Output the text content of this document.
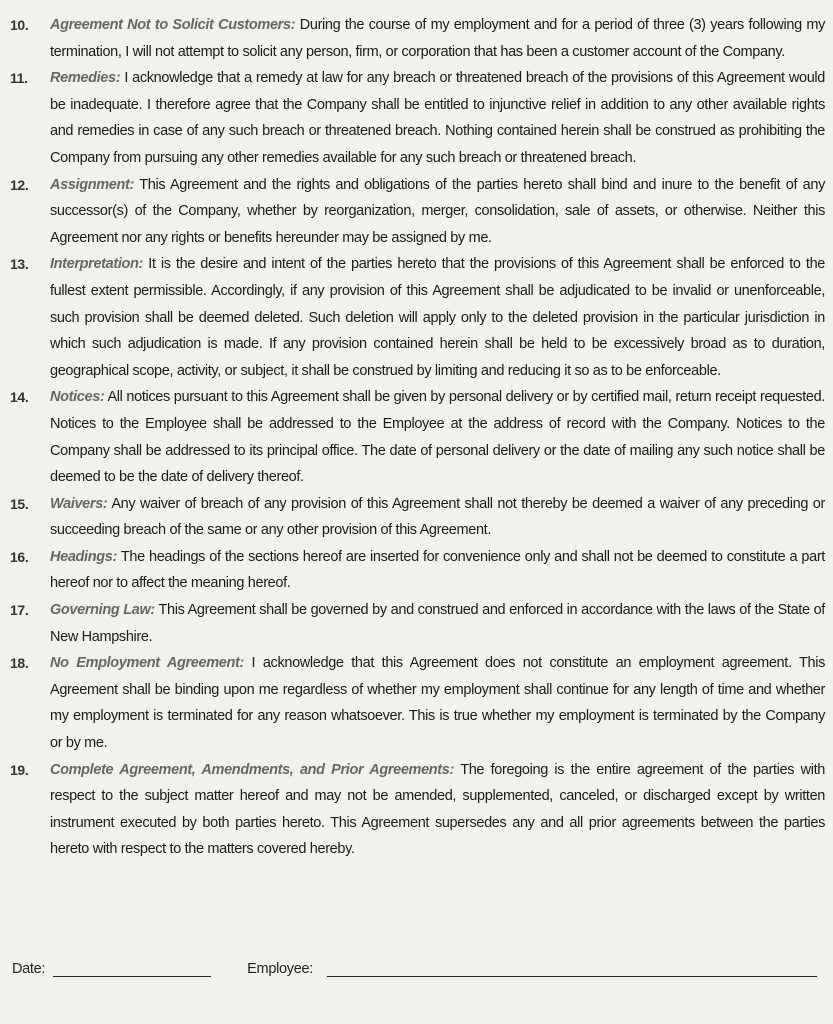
10.	Agreement Not to Solicit Customers: During the course of my employment and for a period of three (3) years following my termination, I will not attempt to solicit any person, firm, or corporation that has been a customer account of the Company.
11.	Remedies: I acknowledge that a remedy at law for any breach or threatened breach of the provisions of this Agreement would be inadequate. I therefore agree that the Company shall be entitled to injunctive relief in addition to any other available rights and remedies in case of any such breach or threatened breach. Nothing contained herein shall be construed as prohibiting the Company from pursuing any other remedies available for any such breach or threatened breach.
12.	Assignment: This Agreement and the rights and obligations of the parties hereto shall bind and inure to the benefit of any successor(s) of the Company, whether by reorganization, merger, consolidation, sale of assets, or otherwise. Neither this Agreement nor any rights or benefits hereunder may be assigned by me.
13.	Interpretation: It is the desire and intent of the parties hereto that the provisions of this Agreement shall be enforced to the fullest extent permissible. Accordingly, if any provision of this Agreement shall be adjudicated to be invalid or unenforceable, such provision shall be deemed deleted. Such deletion will apply only to the deleted provision in the particular jurisdiction in which such adjudication is made. If any provision contained herein shall be held to be excessively broad as to duration, geographical scope, activity, or subject, it shall be construed by limiting and reducing it so as to be enforceable.
14.	Notices: All notices pursuant to this Agreement shall be given by personal delivery or by certified mail, return receipt requested. Notices to the Employee shall be addressed to the Employee at the address of record with the Company. Notices to the Company shall be addressed to its principal office. The date of personal delivery or the date of mailing any such notice shall be deemed to be the date of delivery thereof.
15.	Waivers: Any waiver of breach of any provision of this Agreement shall not thereby be deemed a waiver of any preceding or succeeding breach of the same or any other provision of this Agreement.
16.	Headings: The headings of the sections hereof are inserted for convenience only and shall not be deemed to constitute a part hereof nor to affect the meaning hereof.
17.	Governing Law: This Agreement shall be governed by and construed and enforced in accordance with the laws of the State of New Hampshire.
18.	No Employment Agreement: I acknowledge that this Agreement does not constitute an employment agreement. This Agreement shall be binding upon me regardless of whether my employment shall continue for any length of time and whether my employment is terminated for any reason whatsoever. This is true whether my employment is terminated by the Company or by me.
19.	Complete Agreement, Amendments, and Prior Agreements: The foregoing is the entire agreement of the parties with respect to the subject matter hereof and may not be amended, supplemented, canceled, or discharged except by written instrument executed by both parties hereto. This Agreement supersedes any and all prior agreements between the parties hereto with respect to the matters covered hereby.
Date:	Employee:
